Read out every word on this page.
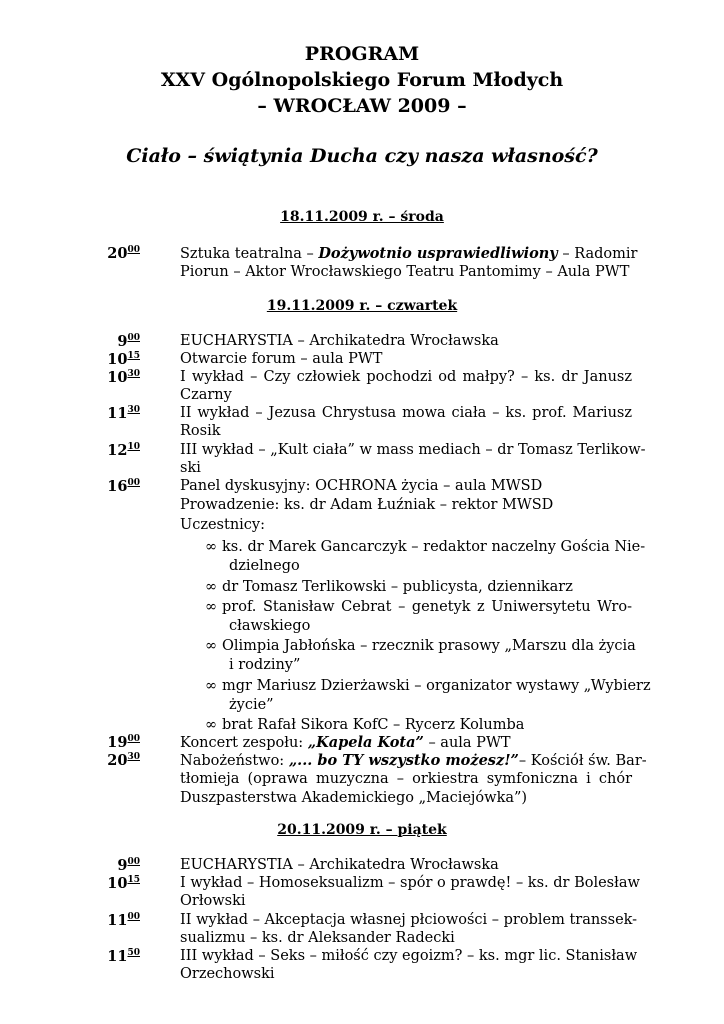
PROGRAM
XXV Ogólnopolskiego Forum Młodych
– WROCŁAW 2009 –
Ciało – świątynia Ducha czy nasza własność?
18.11.2009 r. – środa
$20^{00}$	Sztuka teatralna – Dożywotnio usprawiedliwiony – Radomir
Piorun – Aktor Wrocławskiego Teatru Pantomimy – Aula PWT
19.11.2009 r. – czwartek
$9^{00}$	EUCHARYSTIA – Archikatedra Wrocławska
$10^{15}$	Otwarcie forum – aula PWT
$10^{30}$	I wykład – Czy człowiek pochodzi od małpy? – ks. dr Janusz
Czarny
$11^{30}$	II wykład – Jezusa Chrystusa mowa ciała – ks. prof. Mariusz
Rosik
$12^{10}$	III wykład – „Kult ciała” w mass mediach – dr Tomasz Terlikow-
ski
$16^{00}$	Panel dyskusyjny: OCHRONA życia – aula MWSD
Prowadzenie: ks. dr Adam Łuźniak – rektor MWSD
Uczestnicy:
∞ ks. dr Marek Gancarczyk – redaktor naczelny Gościa Nie-
dzielnego
∞ dr Tomasz Terlikowski – publicysta, dziennikarz
∞ prof. Stanisław Cebrat – genetyk z Uniwersytetu Wro-
cławskiego
∞ Olimpia Jabłońska – rzecznik prasowy „Marszu dla życia
i rodziny”
∞ mgr Mariusz Dzierżawski – organizator wystawy „Wybierz
życie”
∞ brat Rafał Sikora KofC – Rycerz Kolumba
$19^{00}$	Koncert zespołu: „Kapela Kota” – aula PWT
$20^{30}$	Nabożeństwo: „... bo TY wszystko możesz!”– Kościół św. Bar-
tłomieja (oprawa muzyczna – orkiestra symfoniczna i chór
Duszpasterstwa Akademickiego „Maciejówka”)
20.11.2009 r. – piątek
$9^{00}$	EUCHARYSTIA – Archikatedra Wrocławska
$10^{15}$	I wykład – Homoseksualizm – spór o prawdę! – ks. dr Bolesław
Orłowski
$11^{00}$	II wykład – Akceptacja własnej płciowości – problem transsek-
sualizmu – ks. dr Aleksander Radecki
$11^{50}$	III wykład – Seks – miłość czy egoizm? – ks. mgr lic. Stanisław
Orzechowski
